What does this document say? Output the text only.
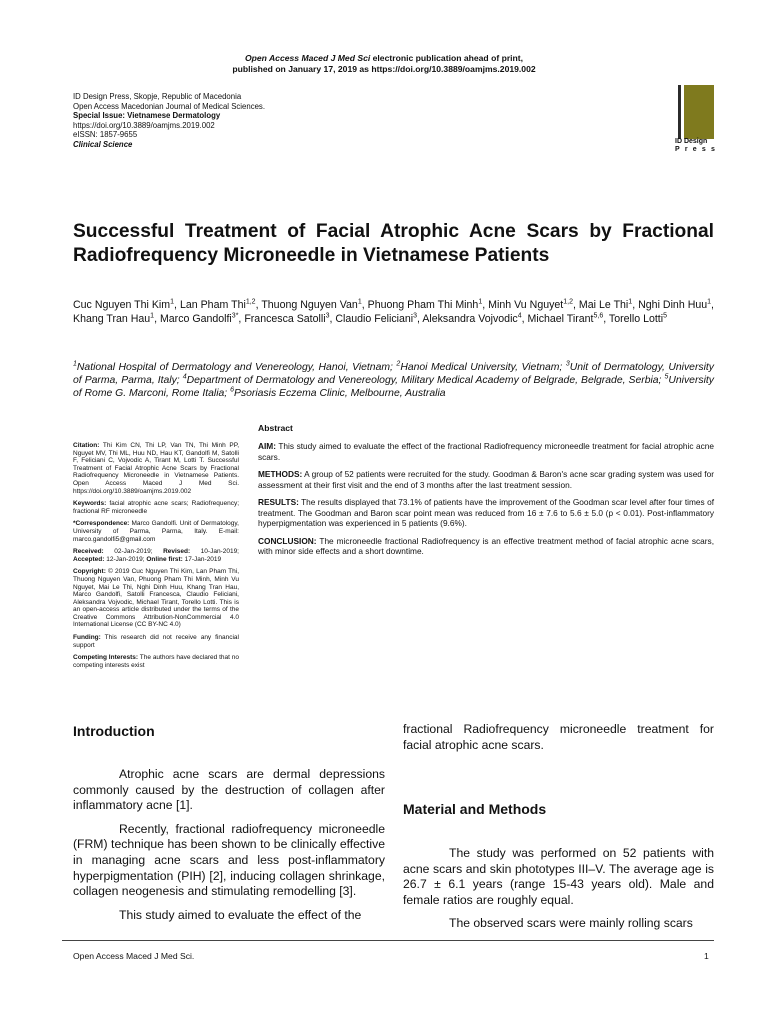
Open Access Maced J Med Sci electronic publication ahead of print,
published on January 17, 2019 as https://doi.org/10.3889/oamjms.2019.002
ID Design Press, Skopje, Republic of Macedonia
Open Access Macedonian Journal of Medical Sciences.
Special Issue: Vietnamese Dermatology
https://doi.org/10.3889/oamjms.2019.002
eISSN: 1857-9655
Clinical Science	ID Design
Press
Successful Treatment of Facial Atrophic Acne Scars by Fractional Radiofrequency Microneedle in Vietnamese Patients
Cuc Nguyen Thi Kim$^1$, Lan Pham Thi$^{1,2}$, Thuong Nguyen Van$^1$, Phuong Pham Thi Minh$^1$, Minh Vu Nguyet$^{1,2}$, Mai Le Thi$^1$, Nghi Dinh Huu$^1$, Khang Tran Hau$^1$, Marco Gandolfi$^{3*}$, Francesca Satolli$^3$, Claudio Feliciani$^3$, Aleksandra Vojvodic$^4$, Michael Tirant$^{5,6}$, Torello Lotti$^5$
$^1$National Hospital of Dermatology and Venereology, Hanoi, Vietnam; $^2$Hanoi Medical University, Vietnam; $^3$Unit of Dermatology, University of Parma, Parma, Italy; $^4$Department of Dermatology and Venereology, Military Medical Academy of Belgrade, Belgrade, Serbia; $^5$University of Rome G. Marconi, Rome Italia; $^6$Psoriasis Eczema Clinic, Melbourne, Australia

Citation: Thi Kim CN, Thi LP, Van TN, Thi Minh PP, Nguyet MV, Thi ML, Huu ND, Hau KT, Gandolfi M, Satolli F, Feliciani C, Vojvodic A, Tirant M, Lotti T. Successful Treatment of Facial Atrophic Acne Scars by Fractional Radiofrequency Microneedle in Vietnamese Patients. Open Access Maced J Med Sci. https://doi.org/10.3889/oamjms.2019.002

Keywords: facial atrophic acne scars; Radiofrequency; fractional RF microneedle

*Correspondence: Marco Gandolfi. Unit of Dermatology, University of Parma, Parma, Italy. E-mail: marco.gandolfi5@gmail.com

Received: 02-Jan-2019; Revised: 10-Jan-2019; Accepted: 12-Jan-2019; Online first: 17-Jan-2019

Copyright: © 2019 Cuc Nguyen Thi Kim, Lan Pham Thi, Thuong Nguyen Van, Phuong Pham Thi Minh, Minh Vu Nguyet, Mai Le Thi, Nghi Dinh Huu, Khang Tran Hau, Marco Gandolfi, Satolli Francesca, Claudio Feliciani, Aleksandra Vojvodic, Michael Tirant, Torello Lotti. This is an open-access article distributed under the terms of the Creative Commons Attribution-NonCommercial 4.0 International License (CC BY-NC 4.0)

Funding: This research did not receive any financial support

Competing Interests: The authors have declared that no competing interests exist

Abstract

AIM: This study aimed to evaluate the effect of the fractional Radiofrequency microneedle treatment for facial atrophic acne scars.

METHODS: A group of 52 patients were recruited for the study. Goodman & Baron's acne scar grading system was used for assessment at their first visit and the end of 3 months after the last treatment session.

RESULTS: The results displayed that 73.1% of patients have the improvement of the Goodman scar level after four times of treatment. The Goodman and Baron scar point mean was reduced from 16 ± 7.6 to 5.6 ± 5.0 (p < 0.01). Post-inflammatory hyperpigmentation was experienced in 5 patients (9.6%).

CONCLUSION: The microneedle fractional Radiofrequency is an effective treatment method of facial atrophic acne scars, with minor side effects and a short downtime.

Introduction

Atrophic acne scars are dermal depressions commonly caused by the destruction of collagen after inflammatory acne [1].

Recently, fractional radiofrequency microneedle (FRM) technique has been shown to be clinically effective in managing acne scars and less post-inflammatory hyperpigmentation (PIH) [2], inducing collagen shrinkage, collagen neogenesis and stimulating remodelling [3].

This study aimed to evaluate the effect of the

fractional Radiofrequency microneedle treatment for facial atrophic acne scars.

Material and Methods

The study was performed on 52 patients with acne scars and skin phototypes III–V. The average age is 26.7 ± 6.1 years (range 15-43 years old). Male and female ratios are roughly equal.

The observed scars were mainly rolling scars

Open Access Maced J Med Sci.	1
